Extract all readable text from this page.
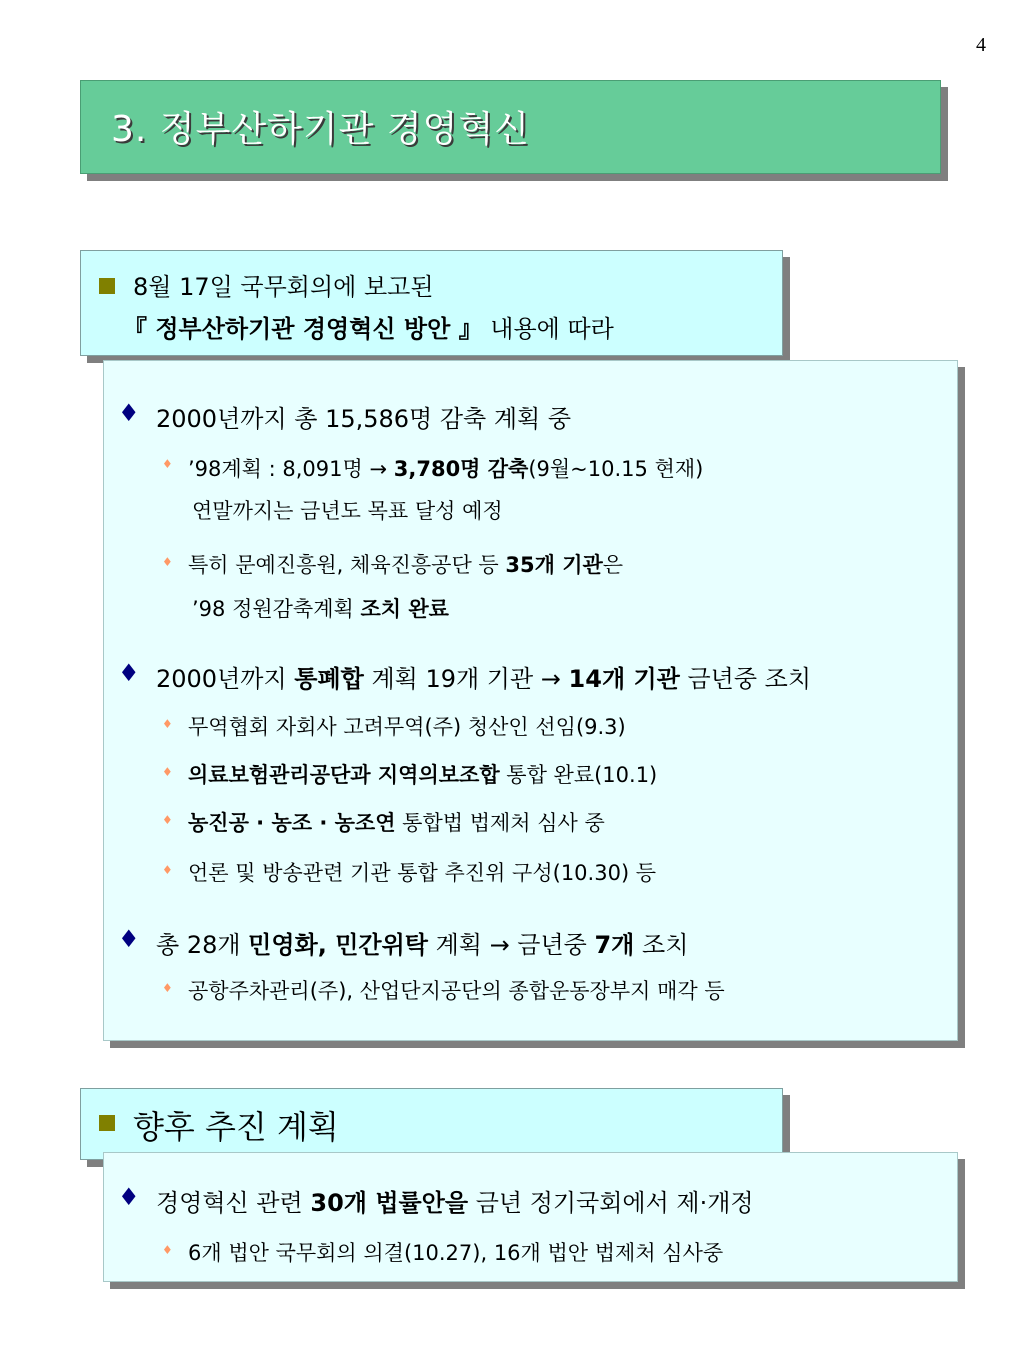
4
3. 정부산하기관 경영혁신
8월 17일 국무회의에 보고된
『 정부산하기관 경영혁신 방안 』 내용에 따라
♦ 2000년까지 총 15,586명 감축 계획 중
♦ ’98계획 : 8,091명 → 3,780명 감축(9월~10.15 현재)
연말까지는 금년도 목표 달성 예정
♦ 특히 문예진흥원, 체육진흥공단 등 35개 기관은
’98 정원감축계획 조치 완료
♦ 2000년까지 통폐합 계획 19개 기관 → 14개 기관 금년중 조치
♦ 무역협회 자회사 고려무역(주) 청산인 선임(9.3)
♦ 의료보험관리공단과 지역의보조합 통합 완료(10.1)
♦ 농진공 · 농조 · 농조연 통합법 법제처 심사 중
♦ 언론 및 방송관련 기관 통합 추진위 구성(10.30) 등
♦ 총 28개 민영화, 민간위탁 계획 → 금년중 7개 조치
♦ 공항주차관리(주), 산업단지공단의 종합운동장부지 매각 등
향후 추진 계획
♦ 경영혁신 관련 30개 법률안을 금년 정기국회에서 제·개정
♦ 6개 법안 국무회의 의결(10.27), 16개 법안 법제처 심사중
